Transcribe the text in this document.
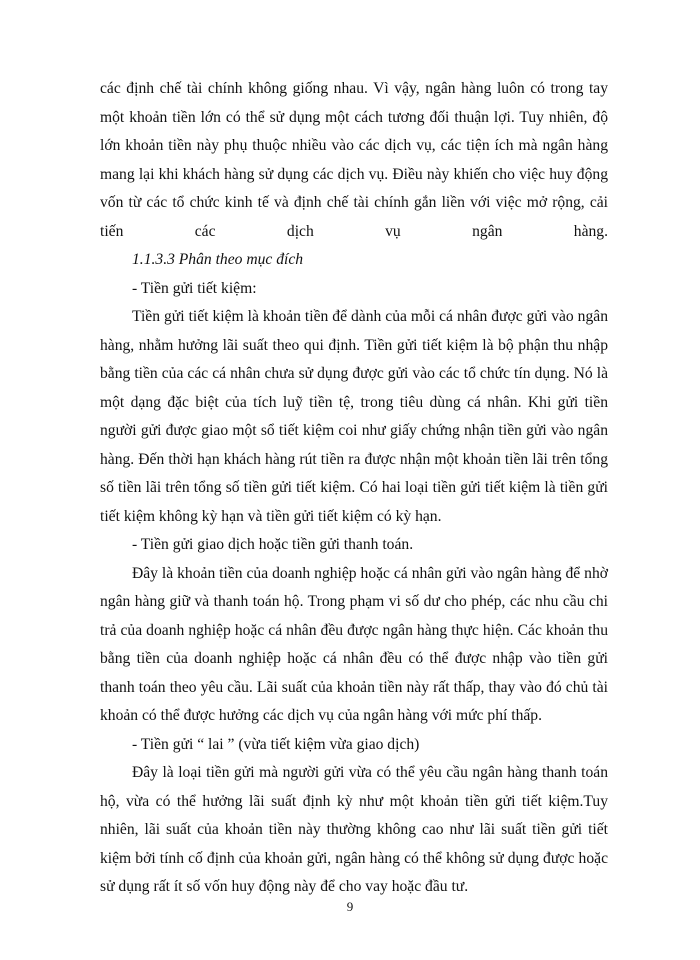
các định chế tài chính không giống nhau. Vì vậy, ngân hàng luôn có trong tay một khoản tiền lớn có thể sử dụng một cách tương đối thuận lợi. Tuy nhiên, độ lớn khoản tiền này phụ thuộc nhiều vào các dịch vụ, các tiện ích mà ngân hàng mang lại khi khách hàng sử dụng các dịch vụ. Điều này khiến cho việc huy động vốn từ các tổ chức kinh tế và định chế tài chính gắn liền với việc mở rộng, cải tiến các dịch vụ ngân hàng.

1.1.3.3 Phân theo mục đích

- Tiền gửi tiết kiệm:

Tiền gửi tiết kiệm là khoản tiền để dành của mỗi cá nhân được gửi vào ngân hàng, nhằm hưởng lãi suất theo qui định. Tiền gửi tiết kiệm là bộ phận thu nhập bằng tiền của các cá nhân chưa sử dụng được gửi vào các tổ chức tín dụng. Nó là một dạng đặc biệt của tích luỹ tiền tệ, trong tiêu dùng cá nhân. Khi gửi tiền người gửi được giao một sổ tiết kiệm coi như giấy chứng nhận tiền gửi vào ngân hàng. Đến thời hạn khách hàng rút tiền ra được nhận một khoản tiền lãi trên tổng số tiền lãi trên tổng số tiền gửi tiết kiệm. Có hai loại tiền gửi tiết kiệm là tiền gửi tiết kiệm không kỳ hạn và tiền gửi tiết kiệm có kỳ hạn.

- Tiền gửi giao dịch hoặc tiền gửi thanh toán.

Đây là khoản tiền của doanh nghiệp hoặc cá nhân gửi vào ngân hàng để nhờ ngân hàng giữ và thanh toán hộ. Trong phạm vi số dư cho phép, các nhu cầu chi trả của doanh nghiệp hoặc cá nhân đều được ngân hàng thực hiện. Các khoản thu bằng tiền của doanh nghiệp hoặc cá nhân đều có thể được nhập vào tiền gửi thanh toán theo yêu cầu. Lãi suất của khoản tiền này rất thấp, thay vào đó chủ tài khoản có thể được hưởng các dịch vụ của ngân hàng với mức phí thấp.

- Tiền gửi “ lai ” (vừa tiết kiệm vừa giao dịch)

Đây là loại tiền gửi mà người gửi vừa có thể yêu cầu ngân hàng thanh toán hộ, vừa có thể hưởng lãi suất định kỳ như một khoản tiền gửi tiết kiệm.Tuy nhiên, lãi suất của khoản tiền này thường không cao như lãi suất tiền gửi tiết kiệm bởi tính cố định của khoản gửi, ngân hàng có thể không sử dụng được hoặc sử dụng rất ít số vốn huy động này để cho vay hoặc đầu tư.

9
